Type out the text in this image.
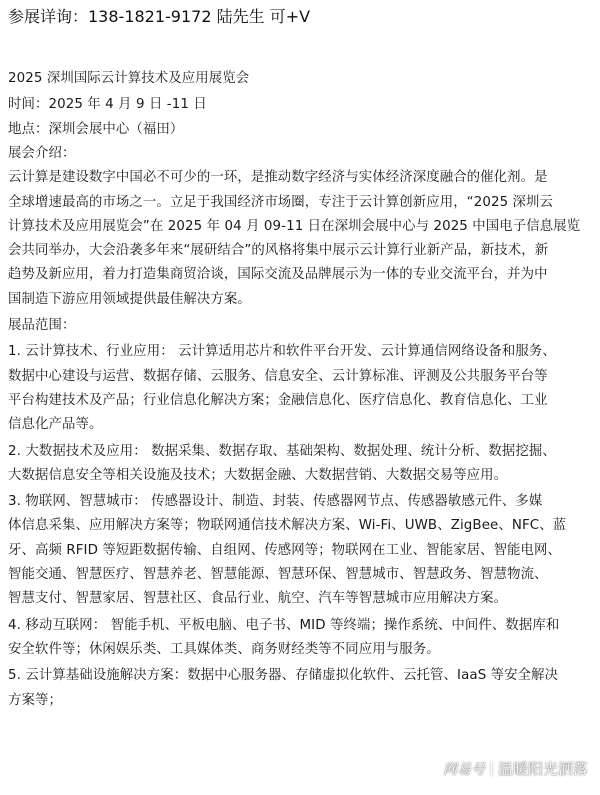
参展详询：138-1821-9172 陆先生 可+V
2025 深圳国际云计算技术及应用展览会
时间：2025 年 4 月 9 日 -11 日
地点：深圳会展中心（福田）
展会介绍：
云计算是建设数字中国必不可少的一环，是推动数字经济与实体经济深度融合的催化剂。是
全球增速最高的市场之一。立足于我国经济市场圈，专注于云计算创新应用，“2025 深圳云
计算技术及应用展览会”在 2025 年 04 月 09-11 日在深圳会展中心与 2025 中国电子信息展览
会共同举办，大会沿袭多年来“展研结合”的风格将集中展示云计算行业新产品，新技术，新
趋势及新应用，着力打造集商贸洽谈，国际交流及品牌展示为一体的专业交流平台，并为中
国制造下游应用领域提供最佳解决方案。
展品范围：
1. 云计算技术、行业应用： 云计算适用芯片和软件平台开发、云计算通信网络设备和服务、
数据中心建设与运营、数据存储、云服务、信息安全、云计算标准、评测及公共服务平台等
平台构建技术及产品；行业信息化解决方案；金融信息化、医疗信息化、教育信息化、工业
信息化产品等。
2. 大数据技术及应用： 数据采集、数据存取、基础架构、数据处理、统计分析、数据挖掘、
大数据信息安全等相关设施及技术；大数据金融、大数据营销、大数据交易等应用。
3. 物联网、智慧城市： 传感器设计、制造、封装、传感器网节点、传感器敏感元件、多媒
体信息采集、应用解决方案等；物联网通信技术解决方案、Wi-Fi、UWB、ZigBee、NFC、蓝
牙、高频 RFID 等短距数据传输、自组网、传感网等；物联网在工业、智能家居、智能电网、
智能交通、智慧医疗、智慧养老、智慧能源、智慧环保、智慧城市、智慧政务、智慧物流、
智慧支付、智慧家居、智慧社区、食品行业、航空、汽车等智慧城市应用解决方案。
4. 移动互联网： 智能手机、平板电脑、电子书、MID 等终端；操作系统、中间件、数据库和
安全软件等；休闲娱乐类、工具媒体类、商务财经类等不同应用与服务。
5. 云计算基础设施解决方案：数据中心服务器、存储虚拟化软件、云托管、IaaS 等安全解决
方案等；
网易号 温暖阳光洒落
